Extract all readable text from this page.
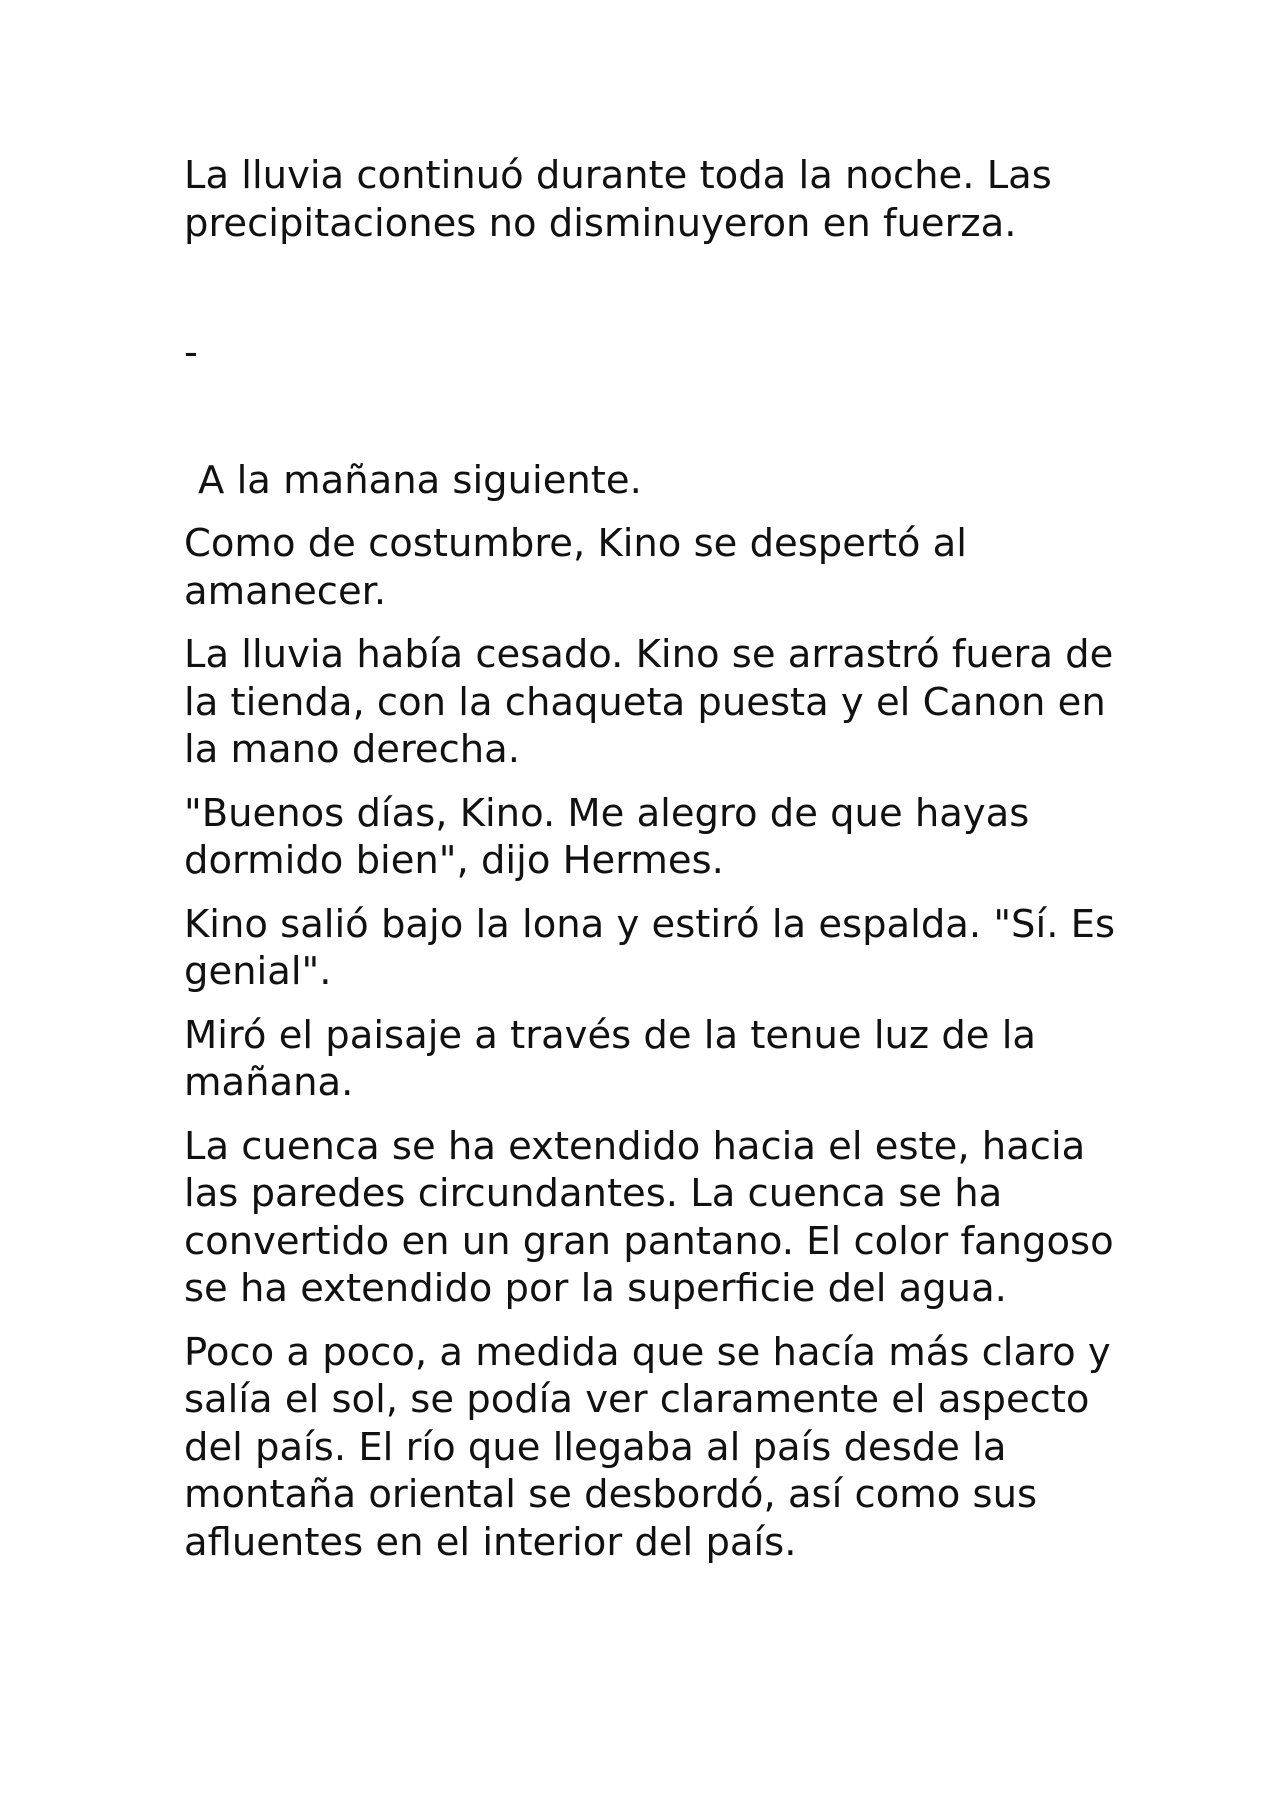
La lluvia continuó durante toda la noche. Las precipitaciones no disminuyeron en fuerza.

-

A la mañana siguiente.

Como de costumbre, Kino se despertó al amanecer.

La lluvia había cesado. Kino se arrastró fuera de la tienda, con la chaqueta puesta y el Canon en la mano derecha.

"Buenos días, Kino. Me alegro de que hayas dormido bien", dijo Hermes.

Kino salió bajo la lona y estiró la espalda. "Sí. Es genial".

Miró el paisaje a través de la tenue luz de la mañana.

La cuenca se ha extendido hacia el este, hacia las paredes circundantes. La cuenca se ha convertido en un gran pantano. El color fangoso se ha extendido por la superficie del agua.

Poco a poco, a medida que se hacía más claro y salía el sol, se podía ver claramente el aspecto del país. El río que llegaba al país desde la montaña oriental se desbordó, así como sus afluentes en el interior del país.
